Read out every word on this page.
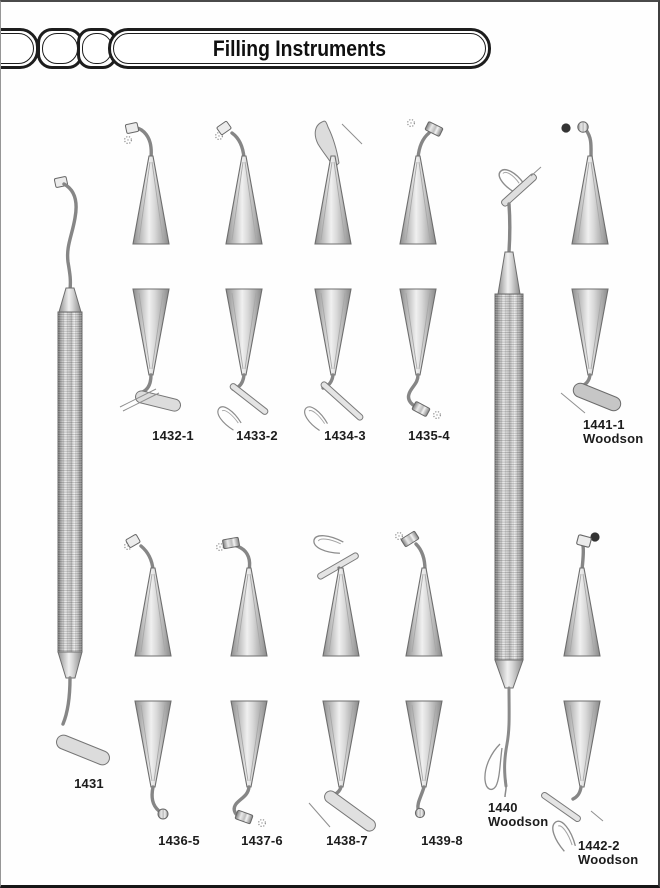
Filling Instruments
1431
1432-1	1433-2	1434-3	1435-4
1441-1
Woodson
1436-5	1437-6	1438-7	1439-8
1440
Woodson
1442-2
Woodson
